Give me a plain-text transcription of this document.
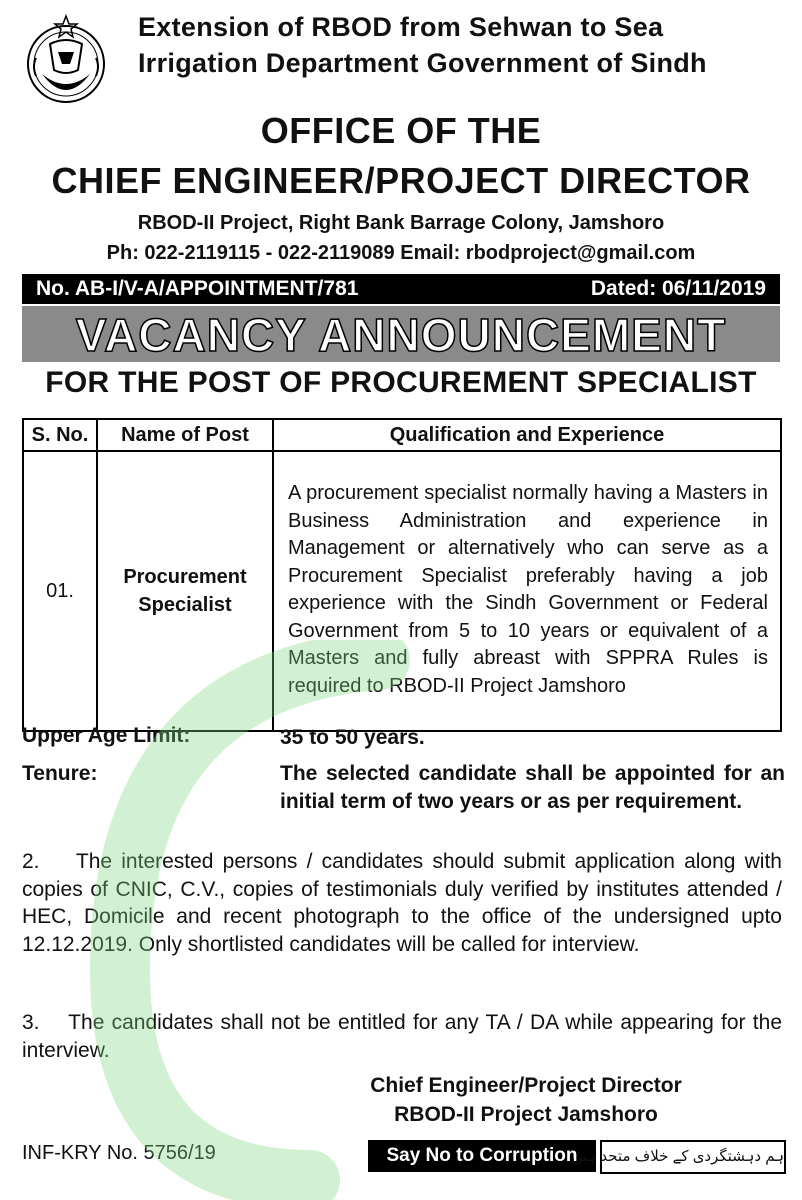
Extension of RBOD from Sehwan to Sea
Irrigation Department Government of Sindh
OFFICE OF THE
CHIEF ENGINEER/PROJECT DIRECTOR
RBOD-II Project, Right Bank Barrage Colony, Jamshoro
Ph: 022-2119115 - 022-2119089 Email: rbodproject@gmail.com
No. AB-I/V-A/APPOINTMENT/781	Dated: 06/11/2019
VACANCY ANNOUNCEMENT
FOR THE POST OF PROCUREMENT SPECIALIST
S. No.	Name of Post	Qualification and Experience
01.	Procurement Specialist	A procurement specialist normally having a Masters in Business Administration and experience in Management or alternatively who can serve as a Procurement Specialist preferably having a job experience with the Sindh Government or Federal Government from 5 to 10 years or equivalent of a Masters and fully abreast with SPPRA Rules is required to RBOD-II Project Jamshoro
Upper Age Limit:	35 to 50 years.
Tenure:	The selected candidate shall be appointed for an initial term of two years or as per requirement.
2.    The interested persons / candidates should submit application along with copies of CNIC, C.V., copies of testimonials duly verified by institutes attended / HEC, Domicile and recent photograph to the office of the undersigned upto 12.12.2019. Only shortlisted candidates will be called for interview.
3.    The candidates shall not be entitled for any TA / DA while appearing for the interview.
Chief Engineer/Project Director
RBOD-II Project Jamshoro
INF-KRY No. 5756/19	Say No to Corruption
ہم دہشتگردی کے خلاف متحد ہیں
